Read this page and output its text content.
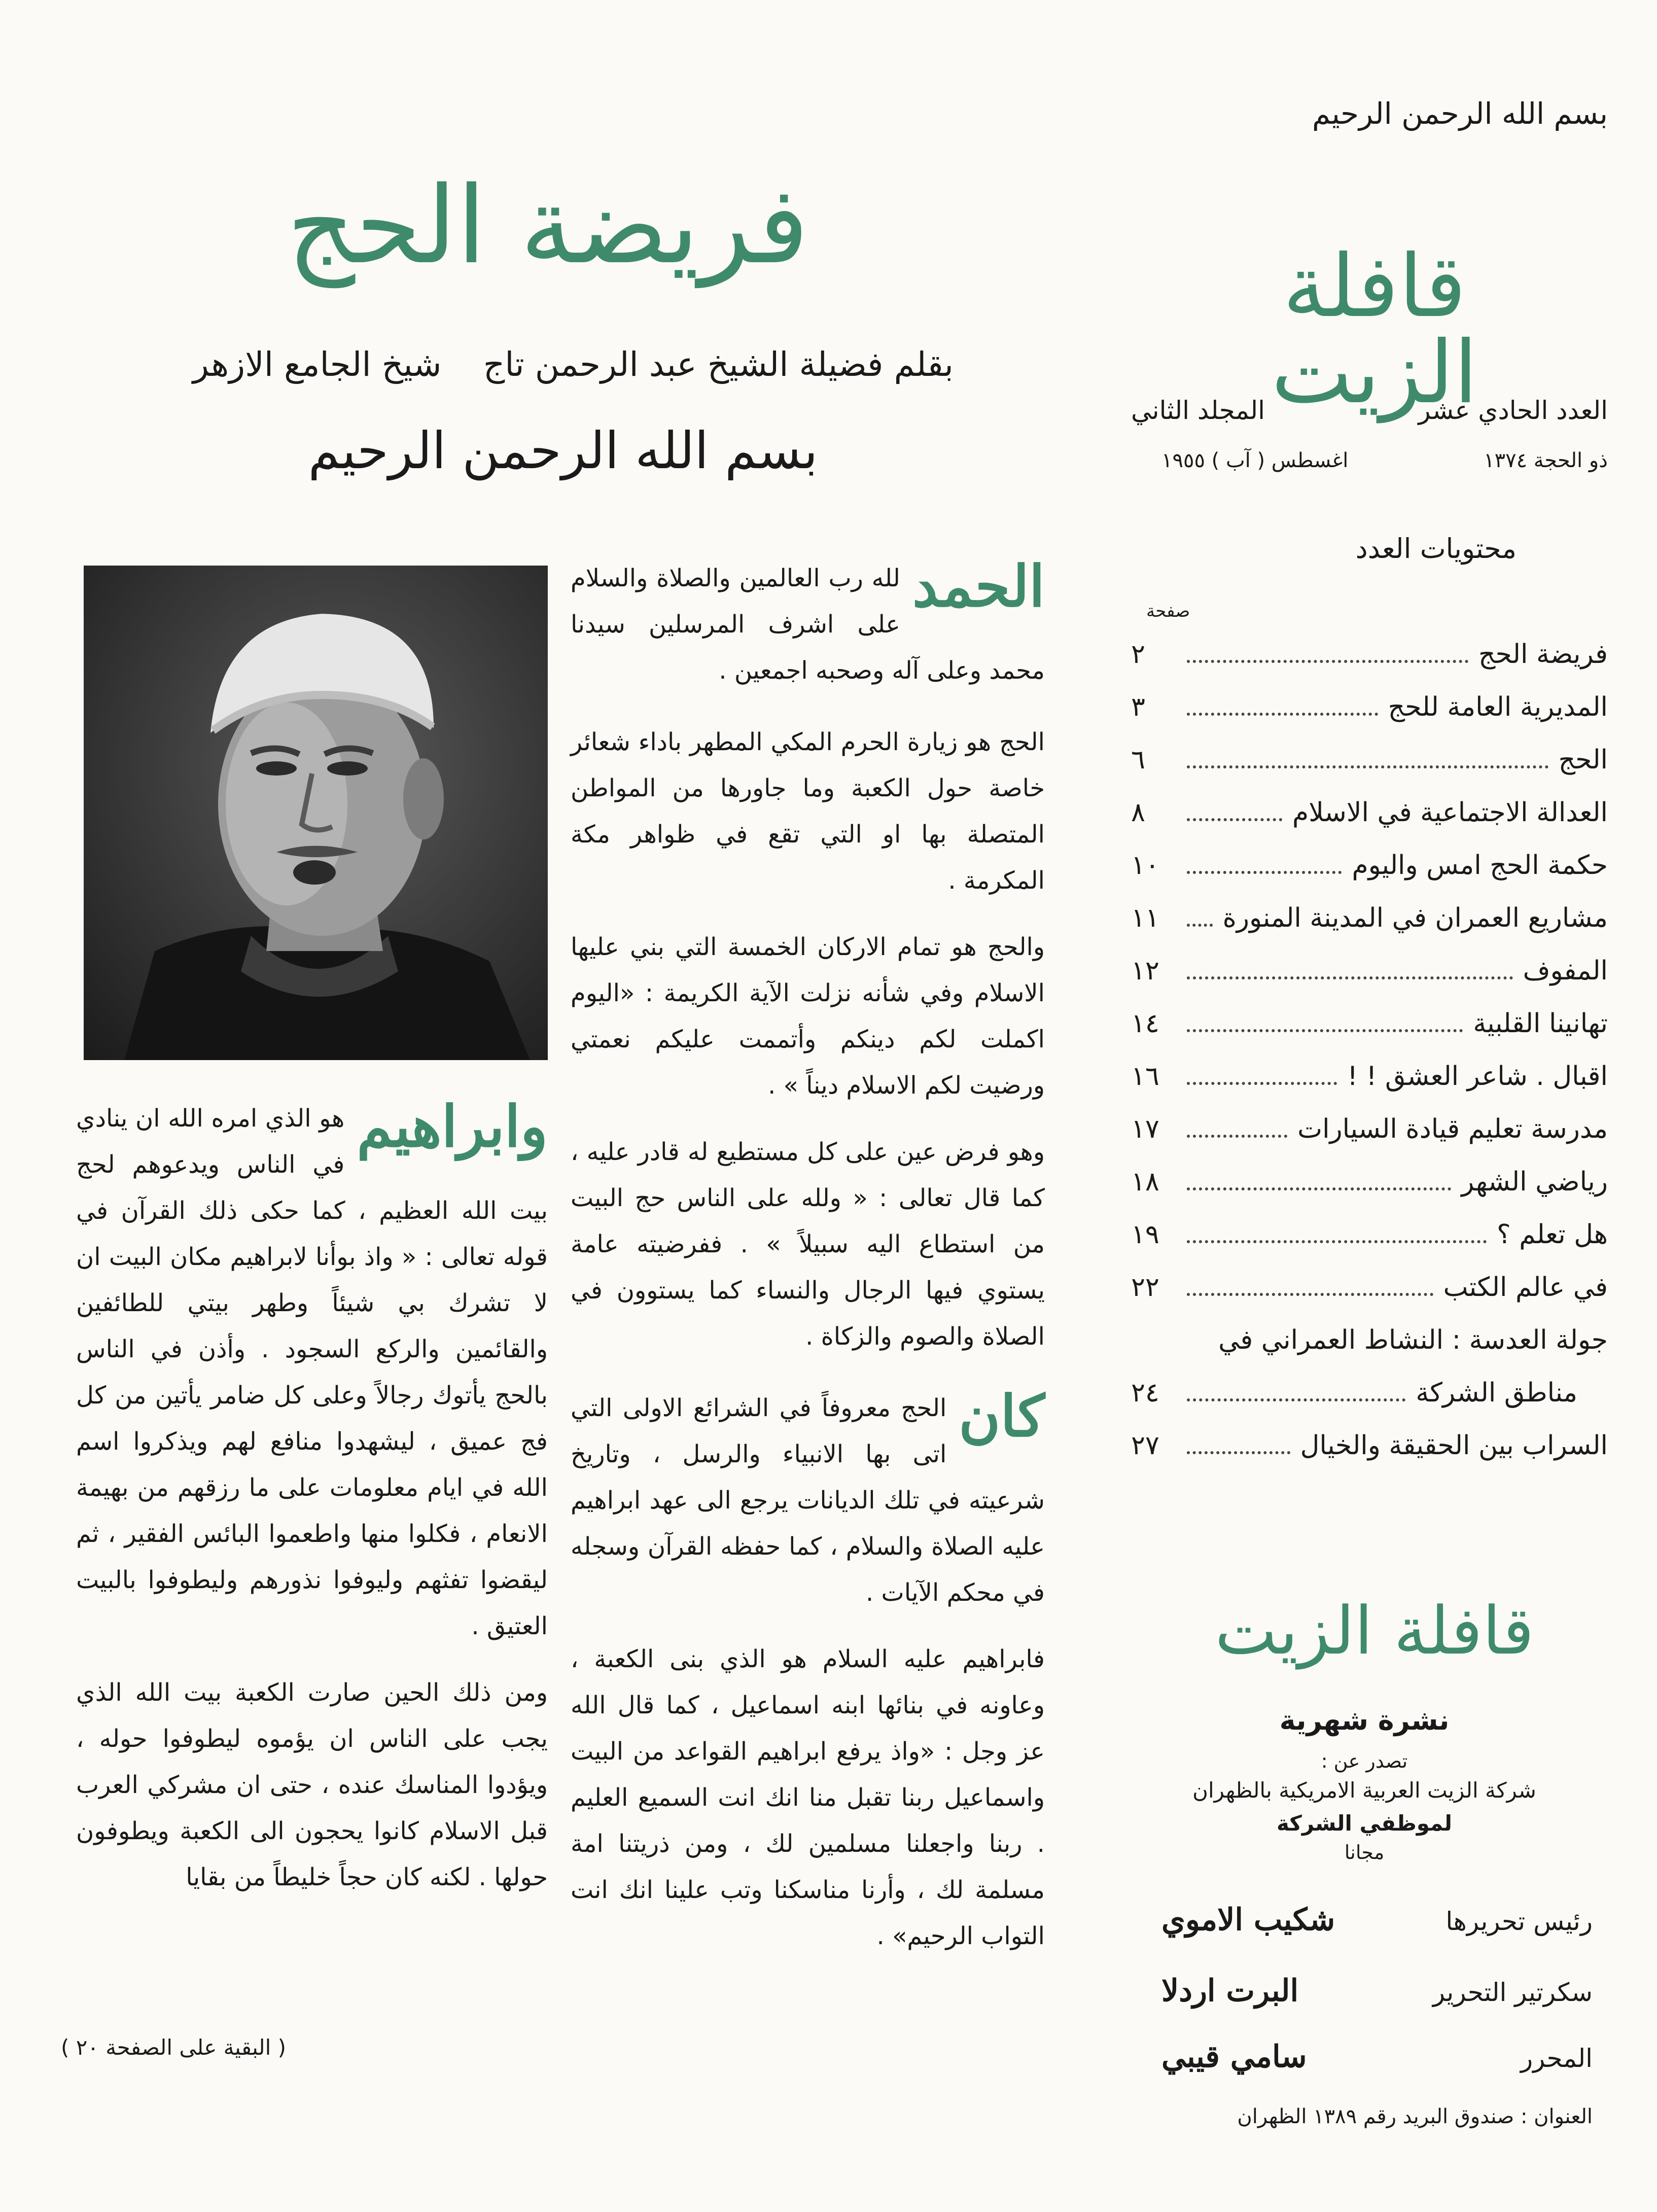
بسم الله الرحمن الرحيم
قافلة الزيت
العدد الحادي عشر
المجلد الثاني
ذو الحجة ١٣٧٤
اغسطس ( آب ) ١٩٥٥
محتويات العدد
صفحة
فريضة الحج
٢
المديرية العامة للحج
٣
الحج
٦
العدالة الاجتماعية في الاسلام
٨
حكمة الحج امس واليوم
١٠
مشاريع العمران في المدينة المنورة
١١
المفوف
١٢
تهانينا القلبية
١٤
اقبال . شاعر العشق ! !
١٦
مدرسة تعليم قيادة السيارات
١٧
رياضي الشهر
١٨
هل تعلم ؟
١٩
في عالم الكتب
٢٢
جولة العدسة : النشاط العمراني في
مناطق الشركة
٢٤
السراب بين الحقيقة والخيال
٢٧
قافلة الزيت
نشرة شهرية
تصدر عن :
شركة الزيت العربية الامريكية بالظهران
لموظفي الشركة
مجانا
رئيس تحريرها
شكيب الاموي
سكرتير التحرير
البرت اردلا
المحرر
سامي قيبي
العنوان : صندوق البريد رقم ١٣٨٩ الظهران
فريضة الحج
بقلم فضيلة الشيخ عبد الرحمن تاج
شيخ الجامع الازهر
بسم الله الرحمن الرحيم
الحمد

لله رب العالمين والصلاة والسلام على اشرف المرسلين سيدنا محمد وعلى آله وصحبه اجمعين .

الحج هو زيارة الحرم المكي المطهر باداء شعائر خاصة حول الكعبة وما جاورها من المواطن المتصلة بها او التي تقع في ظواهر مكة المكرمة .

والحج هو تمام الاركان الخمسة التي بني عليها الاسلام وفي شأنه نزلت الآية الكريمة : «اليوم اكملت لكم دينكم وأتممت عليكم نعمتي ورضيت لكم الاسلام ديناً » .

وهو فرض عين على كل مستطيع له قادر عليه ، كما قال تعالى : « ولله على الناس حج البيت من استطاع اليه سبيلاً » . ففرضيته عامة يستوي فيها الرجال والنساء كما يستوون في الصلاة والصوم والزكاة .

كان

الحج معروفاً في الشرائع الاولى التي اتى بها الانبياء والرسل ، وتاريخ شرعيته في تلك الديانات يرجع الى عهد ابراهيم عليه الصلاة والسلام ، كما حفظه القرآن وسجله في محكم الآيات .

فابراهيم عليه السلام هو الذي بنى الكعبة ، وعاونه في بنائها ابنه اسماعيل ، كما قال الله عز وجل : «واذ يرفع ابراهيم القواعد من البيت واسماعيل ربنا تقبل منا انك انت السميع العليم . ربنا واجعلنا مسلمين لك ، ومن ذريتنا امة مسلمة لك ، وأرنا مناسكنا وتب علينا انك انت التواب الرحيم» .

وابراهيم

هو الذي امره الله ان ينادي في الناس ويدعوهم لحج بيت الله العظيم ، كما حكى ذلك القرآن في قوله تعالى : « واذ بوأنا لابراهيم مكان البيت ان لا تشرك بي شيئاً وطهر بيتي للطائفين والقائمين والركع السجود . وأذن في الناس بالحج يأتوك رجالاً وعلى كل ضامر يأتين من كل فج عميق ، ليشهدوا منافع لهم ويذكروا اسم الله في ايام معلومات على ما رزقهم من بهيمة الانعام ، فكلوا منها واطعموا البائس الفقير ، ثم ليقضوا تفثهم وليوفوا نذورهم وليطوفوا بالبيت العتيق .

ومن ذلك الحين صارت الكعبة بيت الله الذي يجب على الناس ان يؤموه ليطوفوا حوله ، ويؤدوا المناسك عنده ، حتى ان مشركي العرب قبل الاسلام كانوا يحجون الى الكعبة ويطوفون حولها . لكنه كان حجاً خليطاً من بقايا

( البقية على الصفحة ٢٠ )
